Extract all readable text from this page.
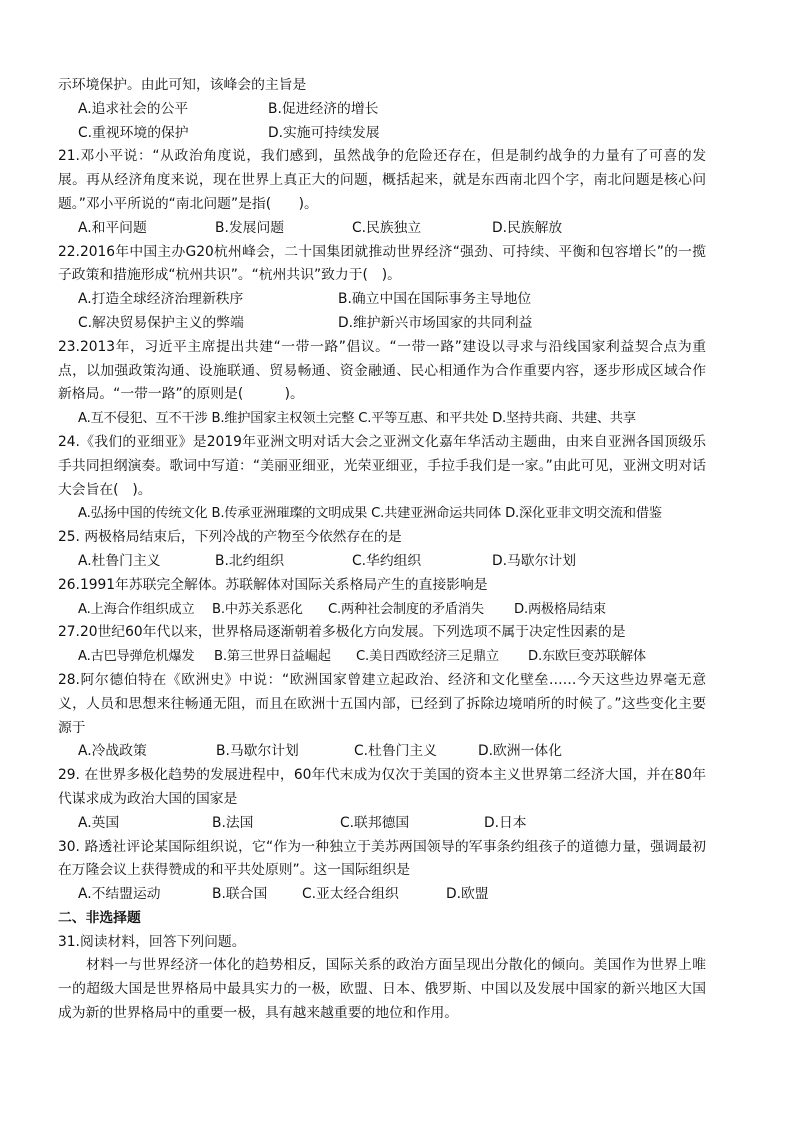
示环境保护。由此可知，该峰会的主旨是
A.追求社会的公平	B.促进经济的增长
C.重视环境的保护	D.实施可持续发展
21.邓小平说：“从政治角度说，我们感到，虽然战争的危险还存在，但是制约战争的力量有了可喜的发展。再从经济角度来说，现在世界上真正大的问题，概括起来，就是东西南北四个字，南北问题是核心问题。”邓小平所说的“南北问题”是指(　　)。
A.和平问题	B.发展问题	C.民族独立	D.民族解放
22.2016年中国主办G20杭州峰会，二十国集团就推动世界经济“强劲、可持续、平衡和包容增长”的一揽子政策和措施形成“杭州共识”。“杭州共识”致力于(　)。
A.打造全球经济治理新秩序	B.确立中国在国际事务主导地位
C.解决贸易保护主义的弊端	D.维护新兴市场国家的共同利益
23.2013年，习近平主席提出共建“一带一路”倡议。“一带一路”建设以寻求与沿线国家利益契合点为重点，以加强政策沟通、设施联通、贸易畅通、资金融通、民心相通作为合作重要内容，逐步形成区域合作新格局。“一带一路”的原则是(　　　)。
A.互不侵犯、互不干涉 B.维护国家主权领土完整 C.平等互惠、和平共处 D.坚持共商、共建、共享
24.《我们的亚细亚》是2019年亚洲文明对话大会之亚洲文化嘉年华活动主题曲，由来自亚洲各国顶级乐手共同担纲演奏。歌词中写道：“美丽亚细亚，光荣亚细亚，手拉手我们是一家。”由此可见，亚洲文明对话大会旨在(　)。
A.弘扬中国的传统文化 B.传承亚洲璀璨的文明成果 C.共建亚洲命运共同体 D.深化亚非文明交流和借鉴
25. 两极格局结束后，下列冷战的产物至今依然存在的是
A.杜鲁门主义	B.北约组织	C.华约组织	D.马歇尔计划
26.1991年苏联完全解体。苏联解体对国际关系格局产生的直接影响是
A.上海合作组织成立	B.中苏关系恶化	C.两种社会制度的矛盾消失	D.两极格局结束
27.20世纪60年代以来，世界格局逐渐朝着多极化方向发展。下列选项不属于决定性因素的是
A.古巴导弹危机爆发	B.第三世界日益崛起	C.美日西欧经济三足鼎立	D.东欧巨变苏联解体
28.阿尔德伯特在《欧洲史》中说：“欧洲国家曾建立起政治、经济和文化壁垒……今天这些边界毫无意义，人员和思想来往畅通无阻，而且在欧洲十五国内部，已经到了拆除边境哨所的时候了。”这些变化主要源于
A.冷战政策	B.马歇尔计划	C.杜鲁门主义	D.欧洲一体化
29. 在世界多极化趋势的发展进程中，60年代末成为仅次于美国的资本主义世界第二经济大国，并在80年代谋求成为政治大国的国家是
A.英国	B.法国	C.联邦德国	D.日本
30. 路透社评论某国际组织说，它“作为一种独立于美苏两国领导的军事条约组孩子的道德力量，强调最初在万隆会议上获得赞成的和平共处原则”。这一国际组织是
A.不结盟运动	B.联合国	C.亚太经合组织	D.欧盟
二、非选择题
31.阅读材料，回答下列问题。
材料一与世界经济一体化的趋势相反，国际关系的政治方面呈现出分散化的倾向。美国作为世界上唯一的超级大国是世界格局中最具实力的一极，欧盟、日本、俄罗斯、中国以及发展中国家的新兴地区大国成为新的世界格局中的重要一极，具有越来越重要的地位和作用。
